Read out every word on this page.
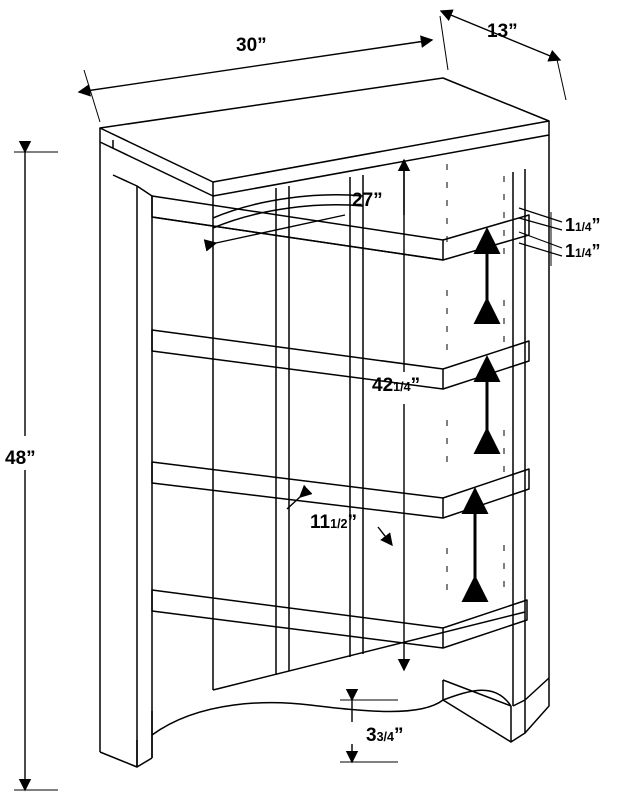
30”
13”
48”
27”
11/4”
11/4”
421/4”
111/2”
33/4”
